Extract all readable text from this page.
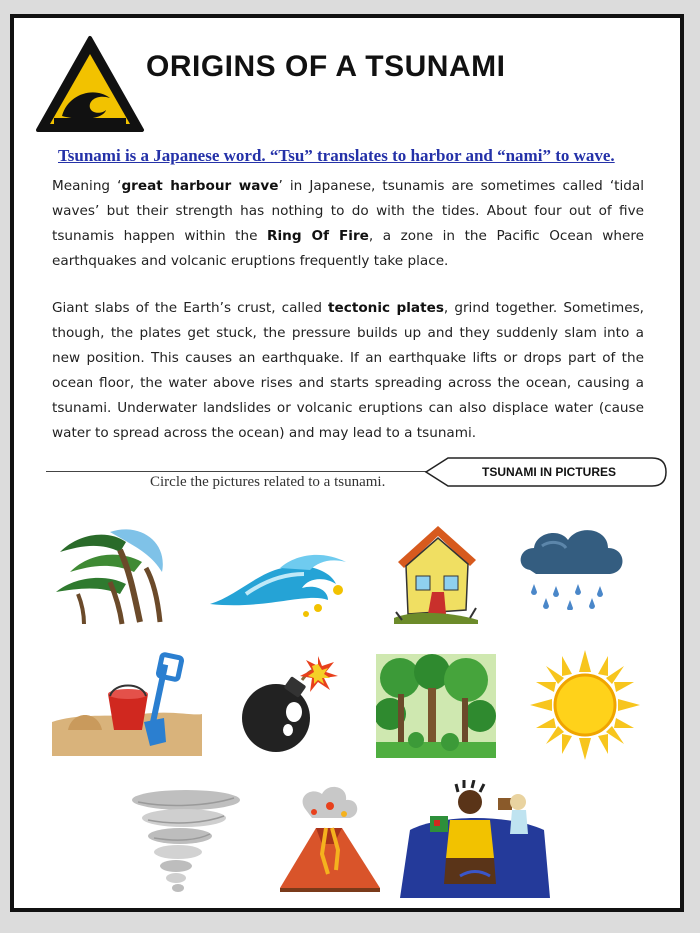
ORIGINS OF A TSUNAMI
Tsunami is a Japanese word. “Tsu” translates to harbor and “nami” to wave.
Meaning ‘great harbour wave’ in Japanese, tsunamis are sometimes called ‘tidal waves’ but their strength has nothing to do with the tides. About four out of five tsunamis happen within the Ring Of Fire, a zone in the Pacific Ocean where earthquakes and volcanic eruptions frequently take place.
Giant slabs of the Earth’s crust, called tectonic plates, grind together. Sometimes, though, the plates get stuck, the pressure builds up and they suddenly slam into a new position. This causes an earthquake. If an earthquake lifts or drops part of the ocean floor, the water above rises and starts spreading across the ocean, causing a tsunami. Underwater landslides or volcanic eruptions can also displace water (cause water to spread across the ocean) and may lead to a tsunami.
Circle the pictures related to a tsunami.
TSUNAMI IN PICTURES
